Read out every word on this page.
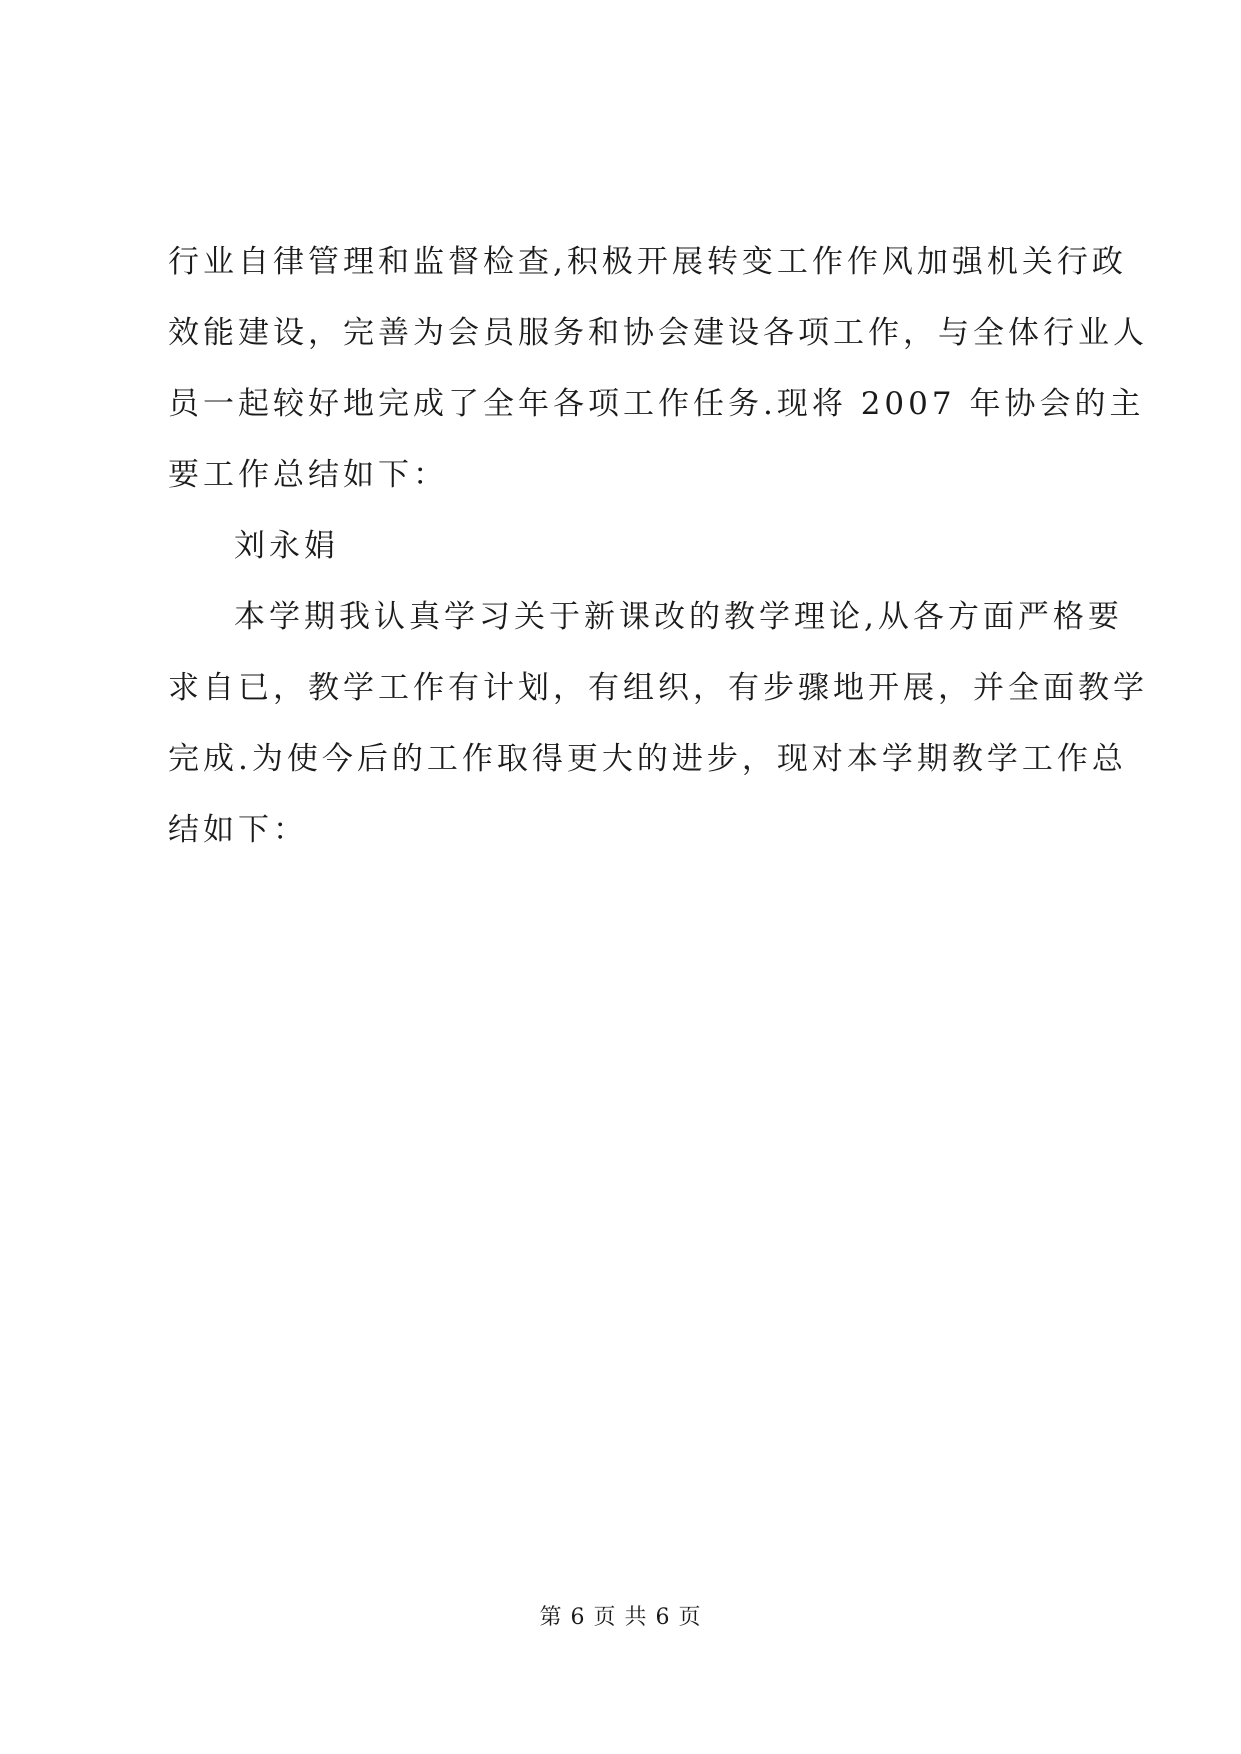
行业自律管理和监督检查,积极开展转变工作作风加强机关行政
效能建设，完善为会员服务和协会建设各项工作，与全体行业人
员一起较好地完成了全年各项工作任务.现将 2007 年协会的主
要工作总结如下：
刘永娟
本学期我认真学习关于新课改的教学理论,从各方面严格要
求自已，教学工作有计划，有组织，有步骤地开展，并全面教学
完成.为使今后的工作取得更大的进步，现对本学期教学工作总
结如下：
第 6 页 共 6 页
